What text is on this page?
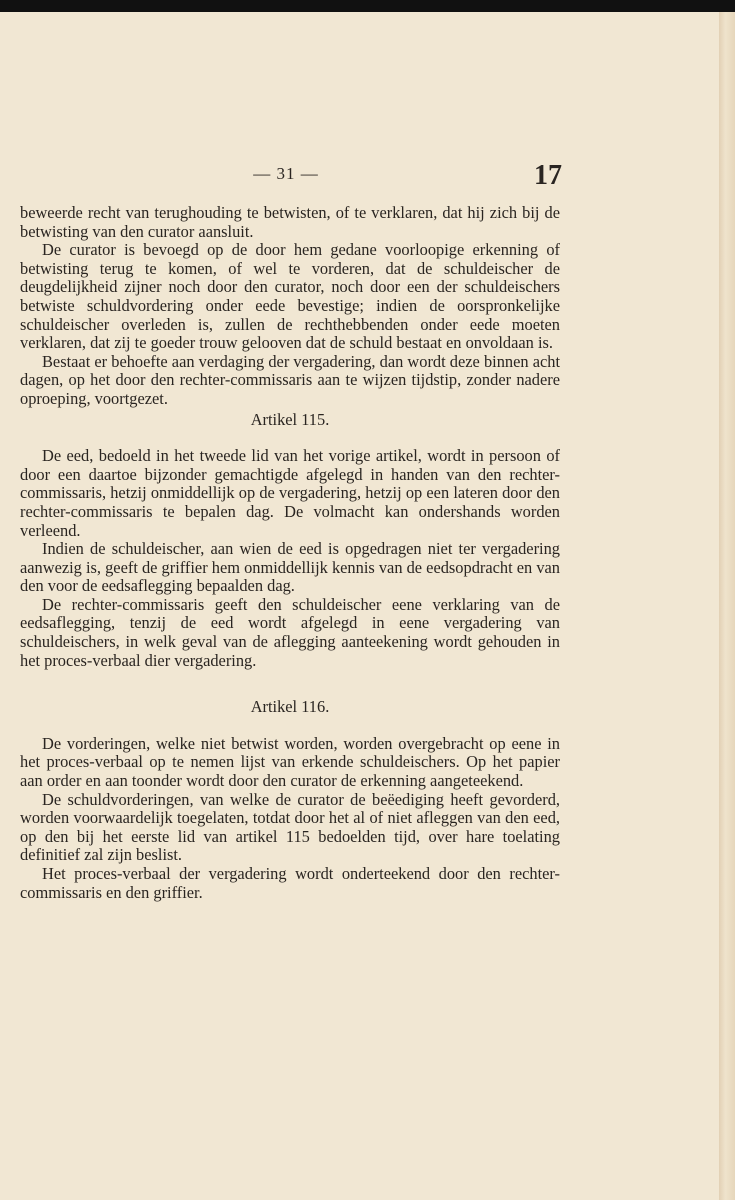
— 31 —	17

beweerde recht van terughouding te betwisten, of te verklaren, dat hij zich bij de betwisting van den curator aansluit.

De curator is bevoegd op de door hem gedane voorloopige erkenning of betwisting terug te komen, of wel te vorderen, dat de schuldeischer de deugdelijkheid zijner noch door den curator, noch door een der schuldeischers betwiste schuldvordering onder eede bevestige; indien de oorspronkelijke schuldeischer overleden is, zullen de rechthebbenden onder eede moeten verklaren, dat zij te goeder trouw gelooven dat de schuld bestaat en onvoldaan is.

Bestaat er behoefte aan verdaging der vergadering, dan wordt deze binnen acht dagen, op het door den rechter-commissaris aan te wijzen tijdstip, zonder nadere oproeping, voortgezet.

Artikel 115.

De eed, bedoeld in het tweede lid van het vorige artikel, wordt in persoon of door een daartoe bijzonder gemachtigde afgelegd in handen van den rechter-commissaris, hetzij onmiddellijk op de vergadering, hetzij op een lateren door den rechter-commissaris te bepalen dag. De volmacht kan ondershands worden verleend.

Indien de schuldeischer, aan wien de eed is opgedragen niet ter vergadering aanwezig is, geeft de griffier hem onmiddellijk kennis van de eedsopdracht en van den voor de eedsaflegging bepaalden dag.

De rechter-commissaris geeft den schuldeischer eene verklaring van de eedsaflegging, tenzij de eed wordt afgelegd in eene vergadering van schuldeischers, in welk geval van de aflegging aanteekening wordt gehouden in het proces-verbaal dier vergadering.

Artikel 116.

De vorderingen, welke niet betwist worden, worden overgebracht op eene in het proces-verbaal op te nemen lijst van erkende schuldeischers. Op het papier aan order en aan toonder wordt door den curator de erkenning aangeteekend.

De schuldvorderingen, van welke de curator de beëediging heeft gevorderd, worden voorwaardelijk toegelaten, totdat door het al of niet afleggen van den eed, op den bij het eerste lid van artikel 115 bedoelden tijd, over hare toelating definitief zal zijn beslist.

Het proces-verbaal der vergadering wordt onderteekend door den rechter-commissaris en den griffier.
